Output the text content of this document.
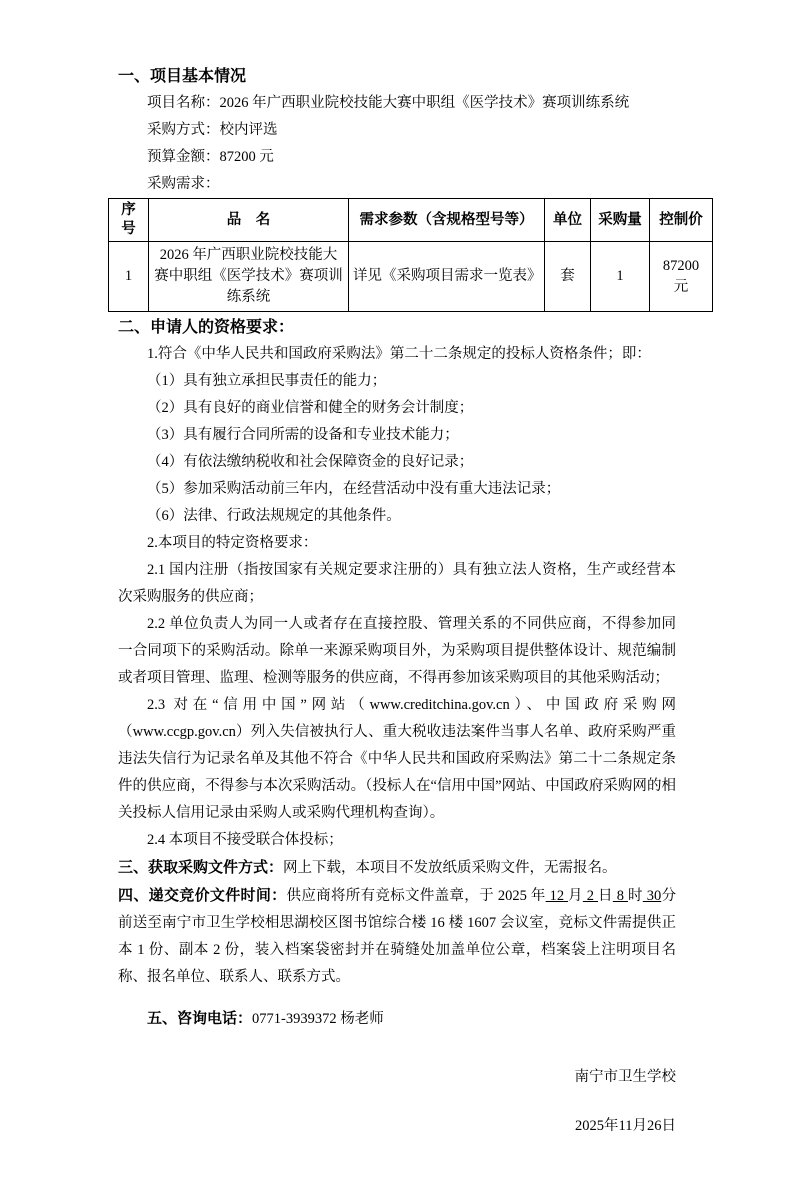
一、项目基本情况

项目名称：2026 年广西职业院校技能大赛中职组《医学技术》赛项训练系统

采购方式：校内评选

预算金额：87200 元

采购需求：

序号	品　名	需求参数（含规格型号等）	单位	采购量	控制价
1	2026 年广西职业院校技能大赛中职组《医学技术》赛项训练系统	详见《采购项目需求一览表》	套	1	87200 元
二、申请人的资格要求：

1.符合《中华人民共和国政府采购法》第二十二条规定的投标人资格条件；即：

（1）具有独立承担民事责任的能力；

（2）具有良好的商业信誉和健全的财务会计制度；

（3）具有履行合同所需的设备和专业技术能力；

（4）有依法缴纳税收和社会保障资金的良好记录；

（5）参加采购活动前三年内，在经营活动中没有重大违法记录；

（6）法律、行政法规规定的其他条件。

2.本项目的特定资格要求：

2.1 国内注册（指按国家有关规定要求注册的）具有独立法人资格，生产或经营本次采购服务的供应商；

2.2 单位负责人为同一人或者存在直接控股、管理关系的不同供应商，不得参加同一合同项下的采购活动。除单一来源采购项目外，为采购项目提供整体设计、规范编制或者项目管理、监理、检测等服务的供应商，不得再参加该采购项目的其他采购活动；

2.3 对在“信用中国”网站（www.creditchina.gov.cn）、中国政府采购网（www.ccgp.gov.cn）列入失信被执行人、重大税收违法案件当事人名单、政府采购严重违法失信行为记录名单及其他不符合《中华人民共和国政府采购法》第二十二条规定条件的供应商，不得参与本次采购活动。（投标人在“信用中国”网站、中国政府采购网的相关投标人信用记录由采购人或采购代理机构查询）。

2.4 本项目不接受联合体投标；

三、获取采购文件方式：网上下载，本项目不发放纸质采购文件，无需报名。

四、递交竞价文件时间：供应商将所有竞标文件盖章，于 2025 年 12 月 2 日 8 时 30分前送至南宁市卫生学校相思湖校区图书馆综合楼 16 楼 1607 会议室，竞标文件需提供正本 1 份、副本 2 份，装入档案袋密封并在骑缝处加盖单位公章，档案袋上注明项目名称、报名单位、联系人、联系方式。

五、咨询电话：0771-3939372 杨老师

南宁市卫生学校

2025年11月26日
